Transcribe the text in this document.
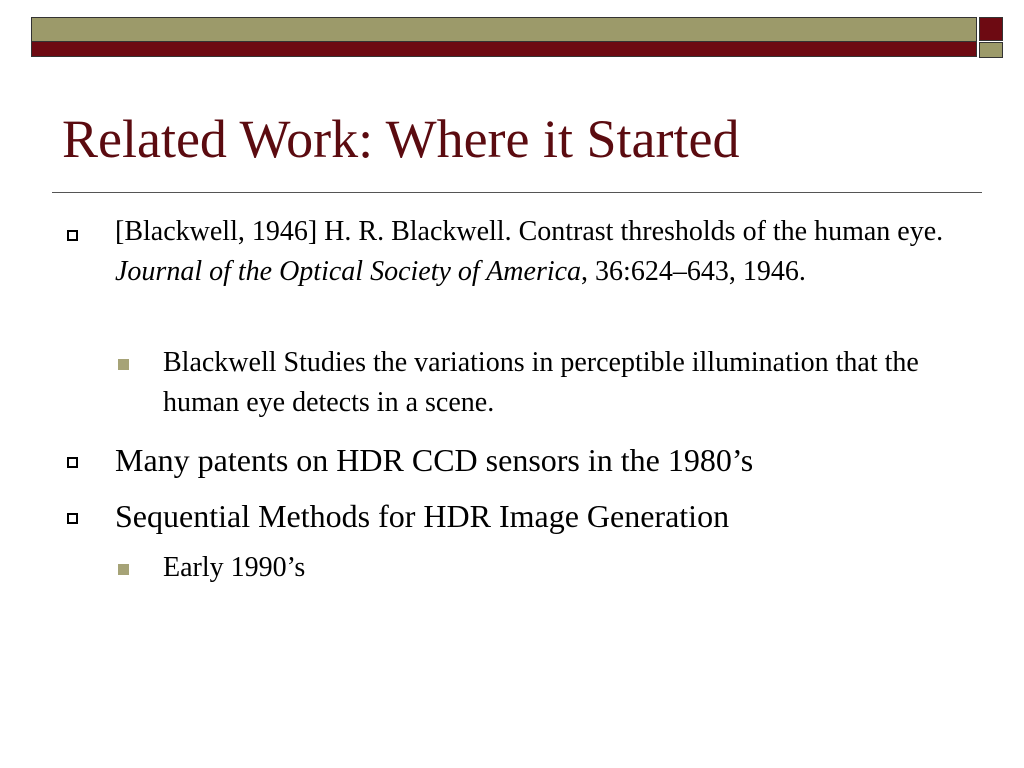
Related Work: Where it Started

[Blackwell, 1946] H. R. Blackwell. Contrast thresholds of the human eye. Journal of the Optical Society of America, 36:624–643, 1946.

Blackwell Studies the variations in perceptible illumination that the human eye detects in a scene.

Many patents on HDR CCD sensors in the 1980’s

Sequential Methods for HDR Image Generation

Early 1990’s
